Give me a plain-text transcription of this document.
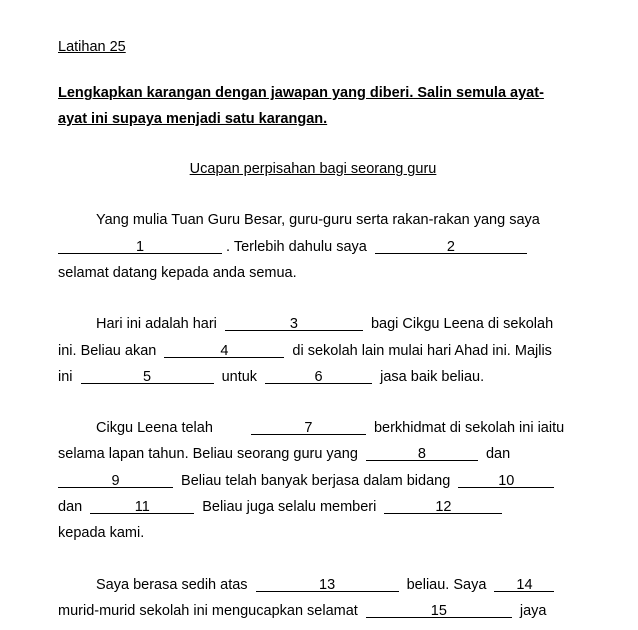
Latihan 25
Lengkapkan karangan dengan jawapan yang diberi. Salin semula ayat-
ayat ini supaya menjadi satu karangan.
Ucapan perpisahan bagi seorang guru
Yang mulia Tuan Guru Besar, guru-guru serta rakan-rakan yang saya
1	. Terlebih dahulu saya	2
selamat datang kepada anda semua.
Hari ini adalah hari	3	bagi Cikgu Leena di sekolah
ini. Beliau akan	4	di sekolah lain mulai hari Ahad ini. Majlis
ini	5	untuk	6	jasa baik beliau.
Cikgu Leena telah	7	berkhidmat di sekolah ini iaitu
selama lapan tahun. Beliau seorang guru yang	8	dan
9	Beliau telah banyak berjasa dalam bidang	10
dan	11	Beliau juga selalu memberi	12
kepada kami.
Saya berasa sedih atas	13	beliau. Saya 14
murid-murid sekolah ini mengucapkan selamat	15	jaya
